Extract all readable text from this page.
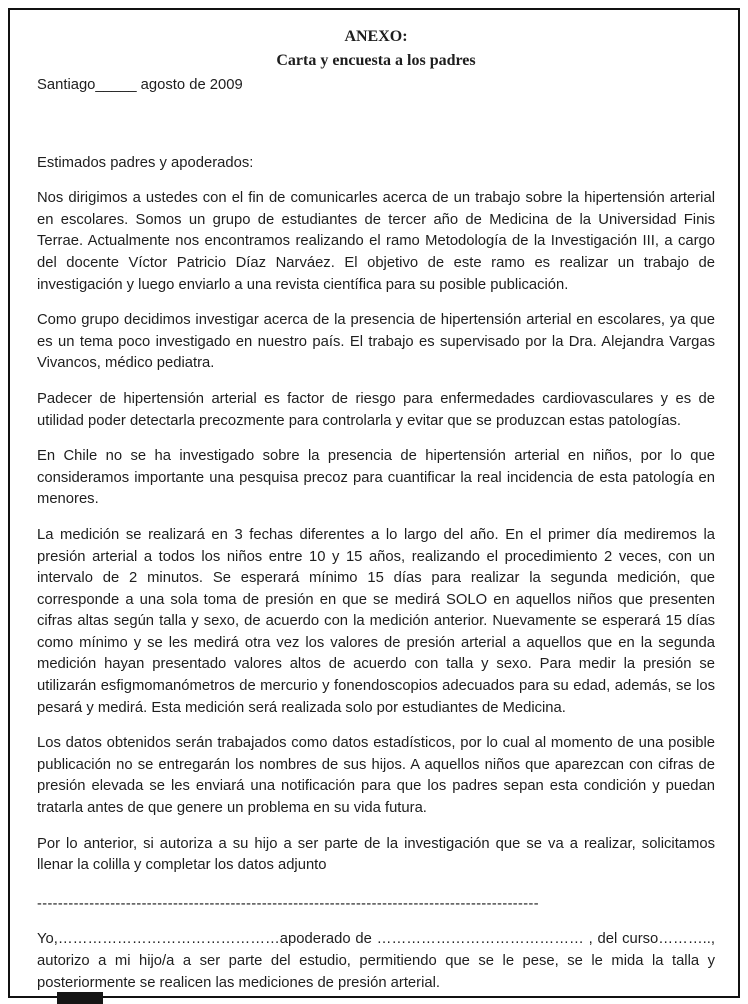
ANEXO:
Carta y encuesta a los padres

Santiago_____ agosto de 2009

Estimados padres y apoderados:

Nos dirigimos a ustedes con el fin de comunicarles acerca de un trabajo sobre la hipertensión arterial en escolares. Somos un grupo de estudiantes de tercer año de Medicina de la Universidad Finis Terrae. Actualmente nos encontramos realizando el ramo Metodología de la Investigación III, a cargo del docente Víctor Patricio Díaz Narváez. El objetivo de este ramo es realizar un trabajo de investigación y luego enviarlo a una revista científica para su posible publicación.

Como grupo decidimos investigar acerca de la presencia de hipertensión arterial en escolares, ya que es un tema poco investigado en nuestro país. El trabajo es supervisado por la Dra. Alejandra Vargas Vivancos, médico pediatra.

Padecer de hipertensión arterial es factor de riesgo para enfermedades cardiovasculares y es de utilidad poder detectarla precozmente para controlarla y evitar que se produzcan estas patologías.

En Chile no se ha investigado sobre la presencia de hipertensión arterial en niños, por lo que consideramos importante una pesquisa precoz para cuantificar la real incidencia de esta patología en menores.

La medición se realizará en 3 fechas diferentes a lo largo del año. En el primer día mediremos la presión arterial a todos los niños entre 10 y 15 años, realizando el procedimiento 2 veces, con un intervalo de 2 minutos. Se esperará mínimo 15 días para realizar la segunda medición, que corresponde a una sola toma de presión en que se medirá SOLO en aquellos niños que presenten cifras altas según talla y sexo, de acuerdo con la medición anterior. Nuevamente se esperará 15 días como mínimo y se les medirá otra vez los valores de presión arterial a aquellos que en la segunda medición hayan presentado valores altos de acuerdo con talla y sexo. Para medir la presión se utilizarán esfigmomanómetros de mercurio y fonendoscopios adecuados para su edad, además, se los pesará y medirá. Esta medición será realizada solo por estudiantes de Medicina.

Los datos obtenidos serán trabajados como datos estadísticos, por lo cual al momento de una posible publicación no se entregarán los nombres de sus hijos. A aquellos niños que aparezcan con cifras de presión elevada se les enviará una notificación para que los padres sepan esta condición y puedan tratarla antes de que genere un problema en su vida futura.

Por lo anterior, si autoriza a su hijo a ser parte de la investigación que se va a realizar, solicitamos llenar la colilla y completar los datos adjunto

------------------------------------------------------------------------------------------------

Yo,………………………………………apoderado de …………………………………… , del curso……….., autorizo a mi hijo/a a ser parte del estudio, permitiendo que se le pese, se le mida la talla y posteriormente se realicen las mediciones de presión arterial.
